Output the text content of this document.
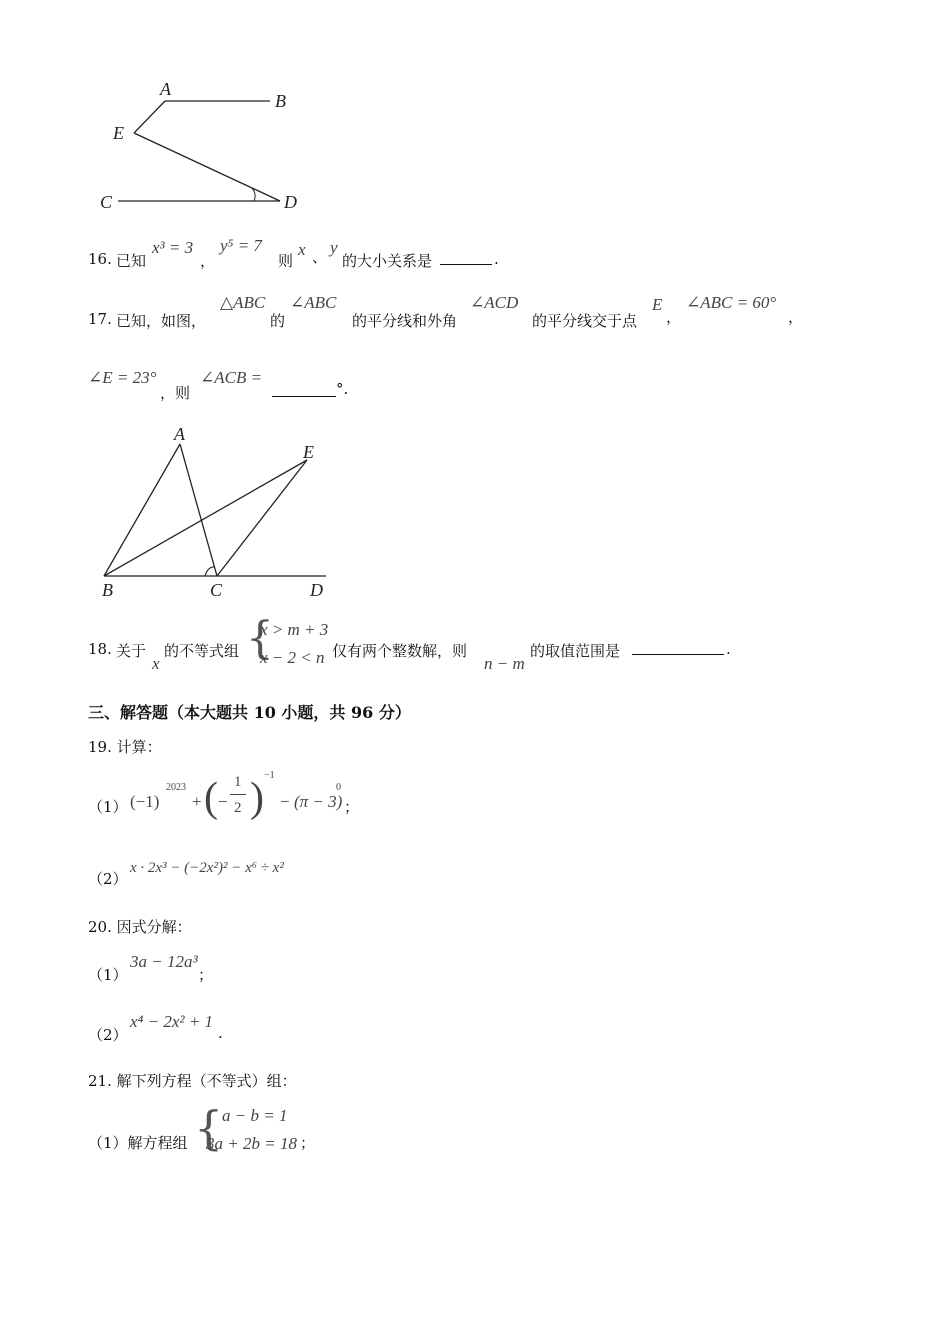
A
B
E
C	D
16. 已知
x³ = 3
，
y⁵ = 7
则
x 、 y
的大小关系是	.
17. 已知，如图，
△ABC
的
∠ABC
的平分线和外角
∠ACD
的平分线交于点
E
，
∠ABC = 60°
，
∠E = 23°
，则
∠ACB =
°.
A
E
B	C	D
18. 关于
x
的不等式组 {
x > m + 3
x − 2 < n 仅有两个整数解，则
n − m
的取值范围是	.
三、解答题（本大题共 10 小题，共 96 分）
19. 计算：
（1） (−1)
2023
+ ( −
1
2 ) −1
− (π − 3)
0
；
（2）
x · 2x³ − (−2x²)² − x⁶ ÷ x²
20. 因式分解：
（1）
3a − 12a³
；
（2）
x⁴ − 2x² + 1
.
21. 解下列方程（不等式）组：
（1）解方程组 {
a − b = 1
3a + 2b = 18 ；
